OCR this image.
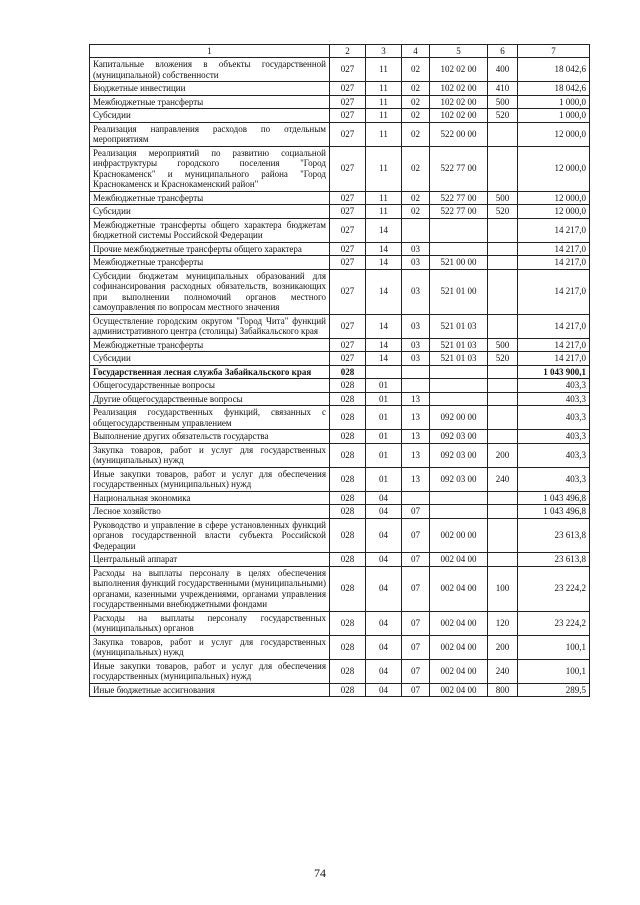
1	2	3	4	5	6	7
Капитальные вложения в объекты государственной (муниципальной) собственности	027	11	02	102 02 00	400	18 042,6
Бюджетные инвестиции	027	11	02	102 02 00	410	18 042,6
Межбюджетные трансферты	027	11	02	102 02 00	500	1 000,0
Субсидии	027	11	02	102 02 00	520	1 000,0
Реализация направления расходов по отдельным мероприятиям	027	11	02	522 00 00		12 000,0
Реализация мероприятий по развитию социальной инфраструктуры городского поселения "Город Краснокаменск" и муниципального района "Город Краснокаменск и Краснокаменский район"	027	11	02	522 77 00		12 000,0
Межбюджетные трансферты	027	11	02	522 77 00	500	12 000,0
Субсидии	027	11	02	522 77 00	520	12 000,0
Межбюджетные трансферты общего характера бюджетам бюджетной системы Российской Федерации	027	14				14 217,0
Прочие межбюджетные трансферты общего характера	027	14	03			14 217,0
Межбюджетные трансферты	027	14	03	521 00 00		14 217,0
Субсидии бюджетам муниципальных образований для софинансирования расходных обязательств, возникающих при выполнении полномочий органов местного самоуправления по вопросам местного значения	027	14	03	521 01 00		14 217,0
Осуществление городским округом "Город Чита" функций административного центра (столицы) Забайкальского края	027	14	03	521 01 03		14 217,0
Межбюджетные трансферты	027	14	03	521 01 03	500	14 217,0
Субсидии	027	14	03	521 01 03	520	14 217,0
Государственная лесная служба Забайкальского края	028					1 043 900,1
Общегосударственные вопросы	028	01				403,3
Другие общегосударственные вопросы	028	01	13			403,3
Реализация государственных функций, связанных с общегосударственным управлением	028	01	13	092 00 00		403,3
Выполнение других обязательств государства	028	01	13	092 03 00		403,3
Закупка товаров, работ и услуг для государственных (муниципальных) нужд	028	01	13	092 03 00	200	403,3
Иные закупки товаров, работ и услуг для обеспечения государственных (муниципальных) нужд	028	01	13	092 03 00	240	403,3
Национальная экономика	028	04				1 043 496,8
Лесное хозяйство	028	04	07			1 043 496,8
Руководство и управление в сфере установленных функций органов государственной власти субъекта Российской Федерации	028	04	07	002 00 00		23 613,8
Центральный аппарат	028	04	07	002 04 00		23 613,8
Расходы на выплаты персоналу в целях обеспечения выполнения функций государственными (муниципальными) органами, казенными учреждениями, органами управления государственными внебюджетными фондами	028	04	07	002 04 00	100	23 224,2
Расходы на выплаты персоналу государственных (муниципальных) органов	028	04	07	002 04 00	120	23 224,2
Закупка товаров, работ и услуг для государственных (муниципальных) нужд	028	04	07	002 04 00	200	100,1
Иные закупки товаров, работ и услуг для обеспечения государственных (муниципальных) нужд	028	04	07	002 04 00	240	100,1
Иные бюджетные ассигнования	028	04	07	002 04 00	800	289,5
74
